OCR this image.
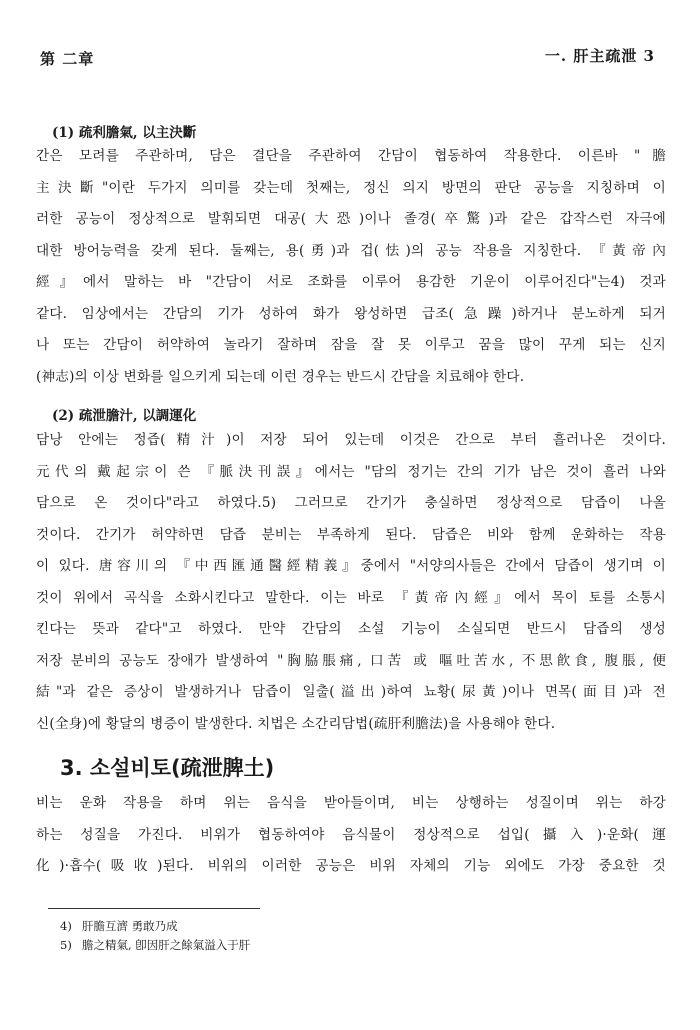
第 二章	一. 肝主疏泄 3
(1) 疏利膽氣, 以主決斷
간은 모려를 주관하며, 담은 결단을 주관하여 간담이 협동하여 작용한다. 이른바 "膽
主決斷"이란 두가지 의미를 갖는데 첫째는, 정신 의지 방면의 판단 공능을 지칭하며 이
러한 공능이 정상적으로 발휘되면 대공(大恐)이나 졸경(卒驚)과 같은 갑작스런 자극에
대한 방어능력을 갖게 된다. 둘째는, 용(勇)과 겁(怯)의 공능 작용을 지칭한다. 『黃帝內
經』에서 말하는 바 "간담이 서로 조화를 이루어 용감한 기운이 이루어진다"는4) 것과
같다. 임상에서는 간담의 기가 성하여 화가 왕성하면 급조(急躁)하거나 분노하게 되거
나 또는 간담이 허약하여 놀라기 잘하며 잠을 잘 못 이루고 꿈을 많이 꾸게 되는 신지
(神志)의 이상 변화를 일으키게 되는데 이런 경우는 반드시 간담을 치료해야 한다.
(2) 疏泄膽汁, 以調運化
담낭 안에는 정즙(精汁)이 저장 되어 있는데 이것은 간으로 부터 흘러나온 것이다.
元代의 戴起宗이 쓴 『脈決刊誤』에서는 "담의 정기는 간의 기가 남은 것이 흘러 나와
담으로 온 것이다"라고 하였다.5) 그러므로 간기가 충실하면 정상적으로 담즙이 나올
것이다. 간기가 허약하면 담즙 분비는 부족하게 된다. 담즙은 비와 함께 운화하는 작용
이 있다. 唐容川의 『中西匯通醫經精義』중에서 "서양의사들은 간에서 담즙이 생기며 이
것이 위에서 곡식을 소화시킨다고 말한다. 이는 바로 『黃帝內經』에서 목이 토를 소통시
킨다는 뜻과 같다"고 하였다. 만약 간담의 소설 기능이 소실되면 반드시 담즙의 생성
저장 분비의 공능도 장애가 발생하여 "胸脇脹痛, 口苦 或 嘔吐苦水, 不思飮食, 腹脹, 便
結"과 같은 증상이 발생하거나 담즙이 일출(溢出)하여 뇨황(尿黃)이나 면목(面目)과 전
신(全身)에 황달의 병증이 발생한다. 치법은 소간리담법(疏肝利膽法)을 사용해야 한다.
3. 소설비토(疏泄脾土)
비는 운화 작용을 하며 위는 음식을 받아들이며, 비는 상행하는 성질이며 위는 하강
하는 성질을 가진다. 비위가 협동하여야 음식물이 정상적으로 섭입(攝入)·운화(運
化)·흡수(吸收)된다. 비위의 이러한 공능은 비위 자체의 기능 외에도 가장 중요한 것
4) 肝膽互濟 勇敢乃成
5) 膽之精氣, 卽因肝之餘氣溢入于肝
